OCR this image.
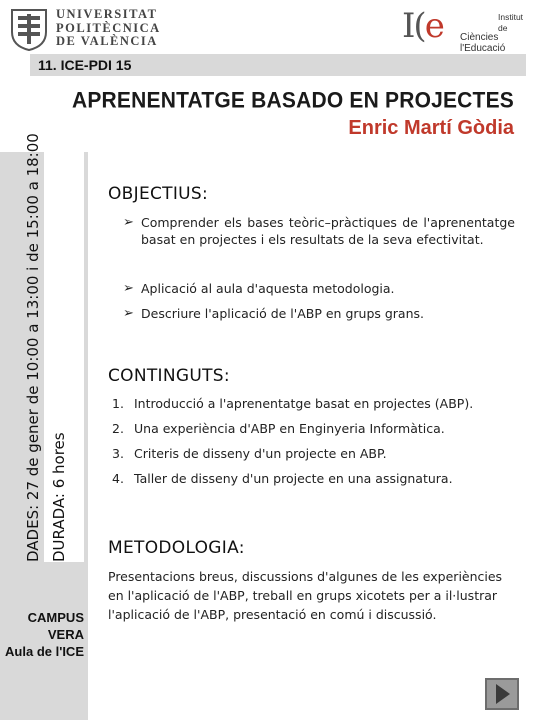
UNIVERSITAT
POLITÈCNICA
DE VALÈNCIA	I(e	Institut de
Ciències
l'Educació
11. ICE-PDI 15
APRENENTATGE BASADO EN PROJECTES
Enric Martí Gòdia
DADES: 27 de gener de 10:00 a 13:00 i de 15:00 a 18:00 DURADA: 6 hores
CAMPUS
VERA
Aula de l'ICE
OBJECTIUS:
➢ Comprender els bases teòric–pràctiques de l'aprenentatge basat en projectes i els resultats de la seva efectivitat.
➢ Aplicació al aula d'aquesta metodologia.
➢ Descriure l'aplicació de l'ABP en grups grans.
CONTINGUTS:
1. Introducció a l'aprenentatge basat en projectes (ABP).
2. Una experiència d'ABP en Enginyeria Informàtica.
3. Criteris de disseny d'un projecte en ABP.
4. Taller de disseny d'un projecte en una assignatura.
METODOLOGIA:
Presentacions breus, discussions d'algunes de les experiències en l'aplicació de l'ABP, treball en grups xicotets per a il·lustrar l'aplicació de l'ABP, presentació en comú i discussió.
